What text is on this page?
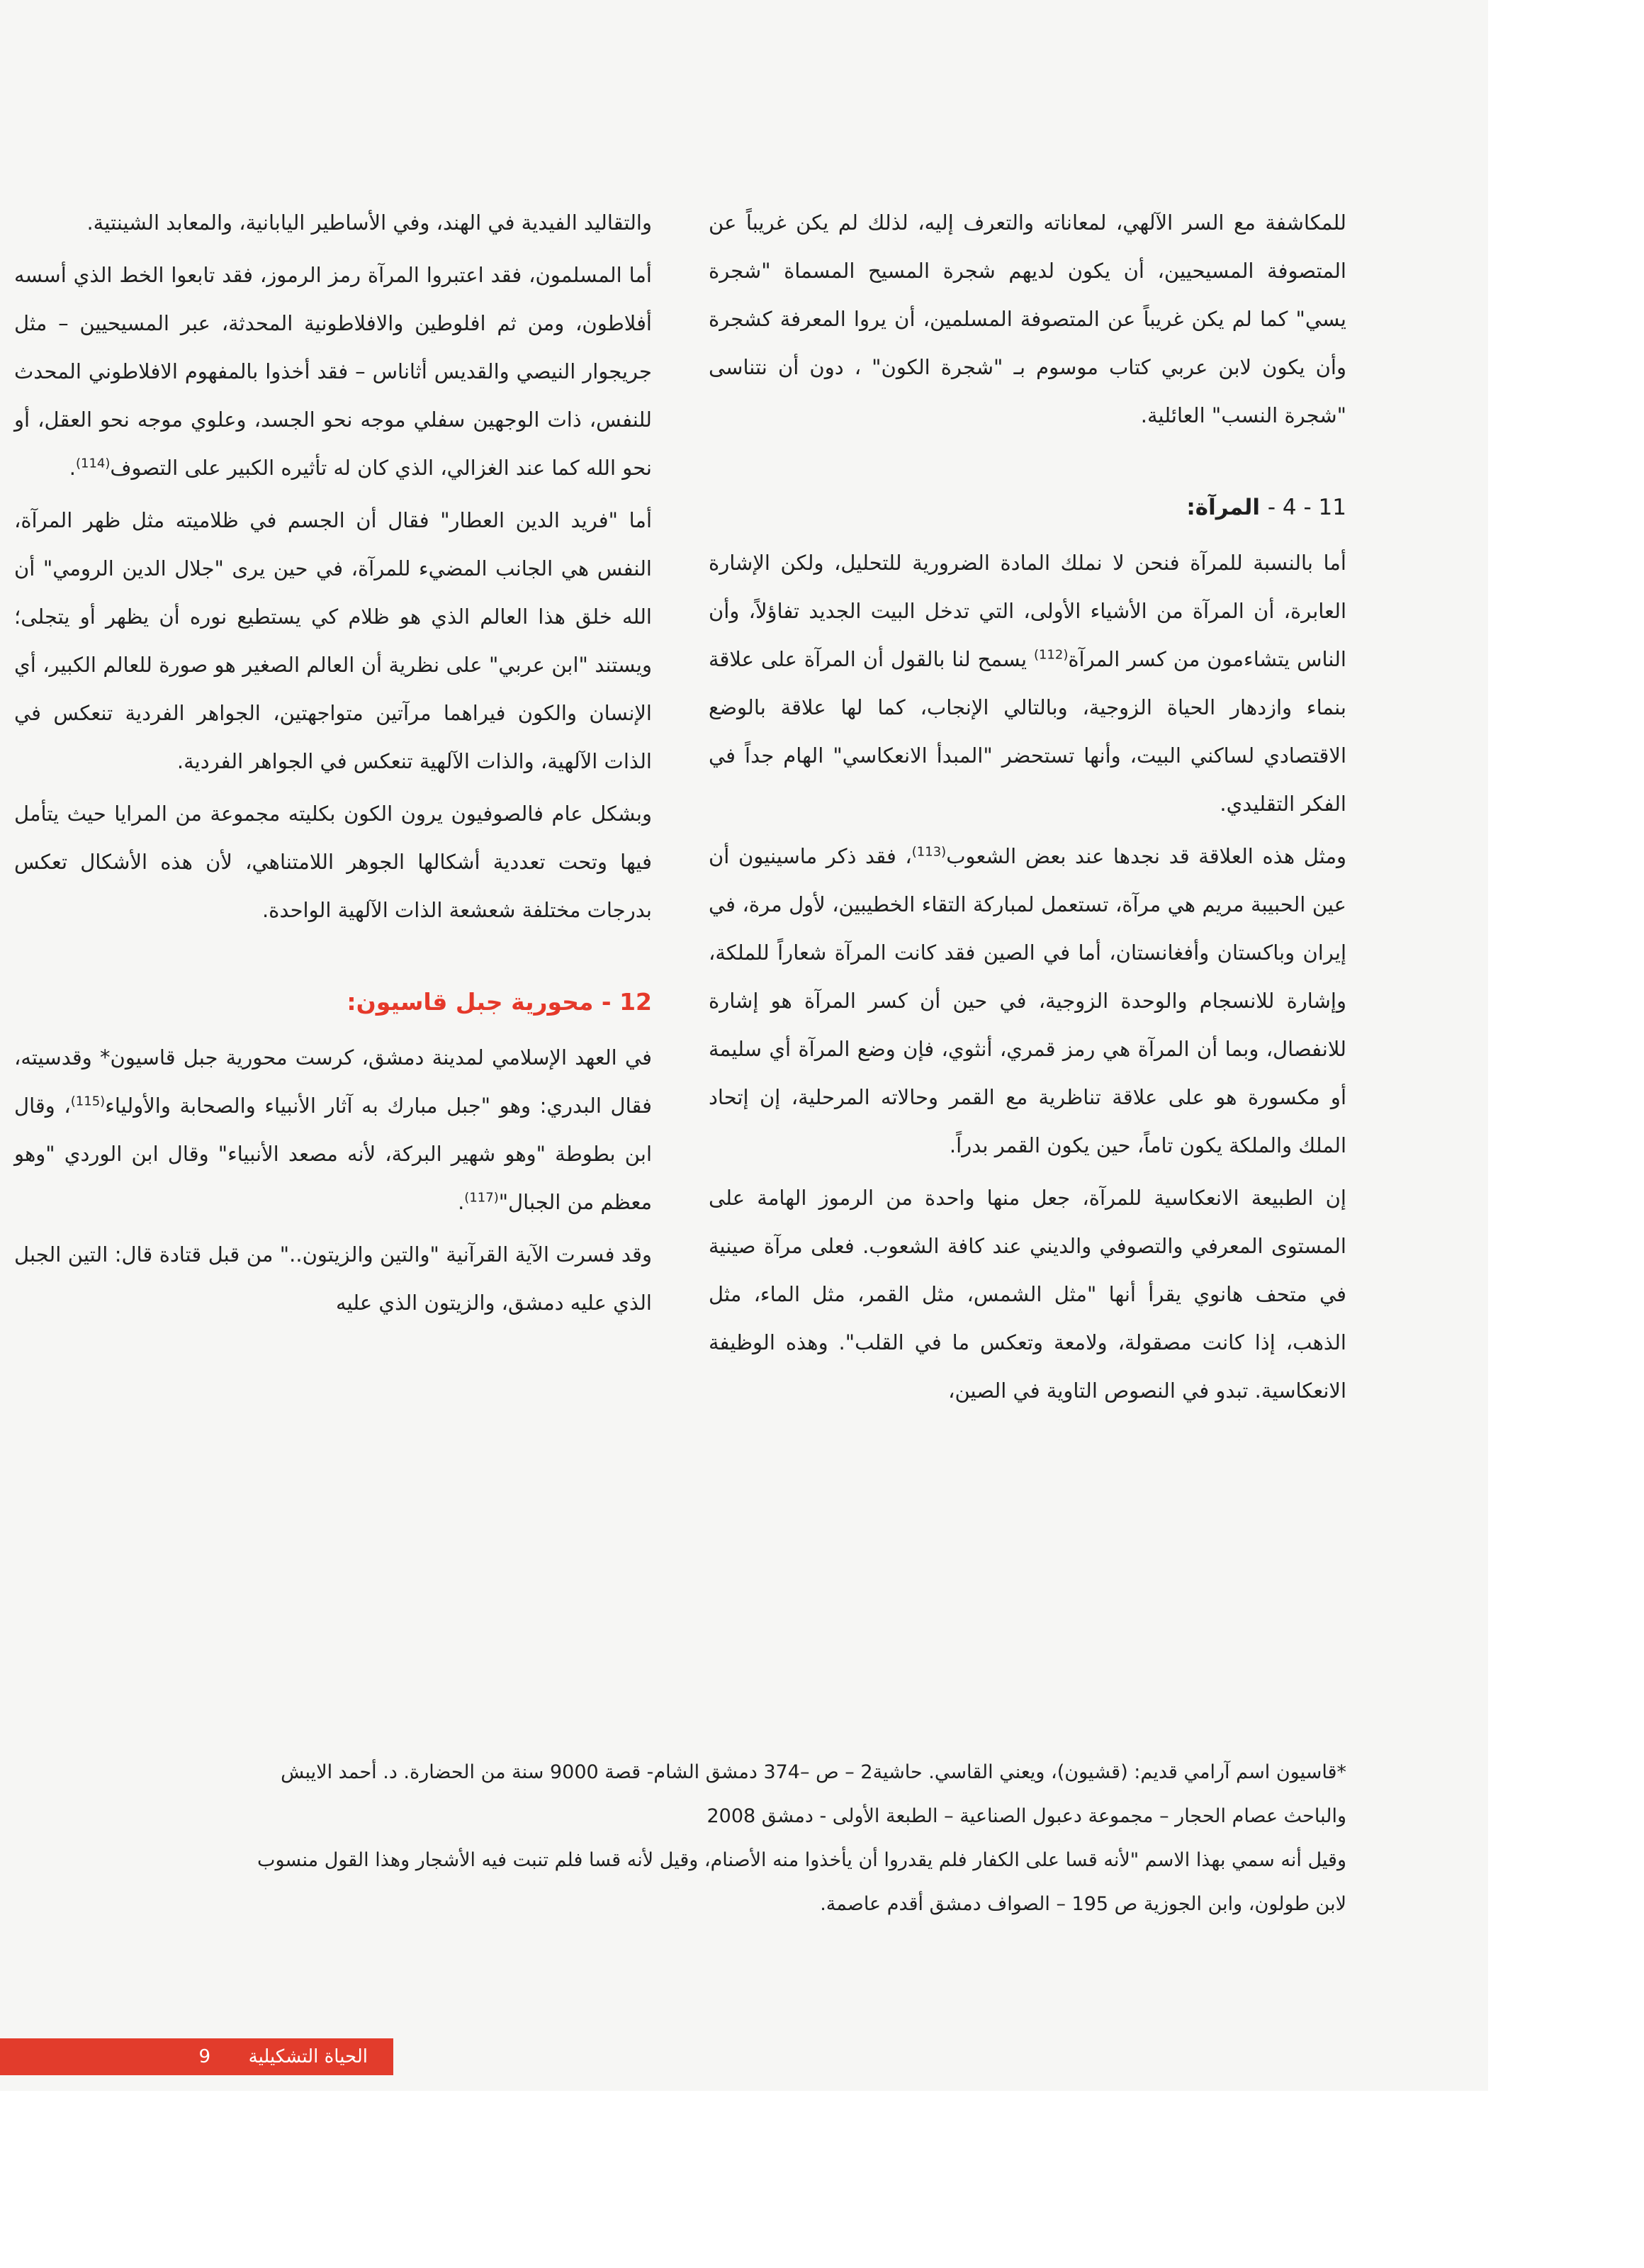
للمكاشفة مع السر الآلهي، لمعاناته والتعرف إليه، لذلك لم يكن غريباً عن المتصوفة المسيحيين، أن يكون لديهم شجرة المسيح المسماة "شجرة يسي" كما لم يكن غريباً عن المتصوفة المسلمين، أن يروا المعرفة كشجرة وأن يكون لابن عربي كتاب موسوم بـ "شجرة الكون" ، دون أن نتناسى "شجرة النسب" العائلية.

11 - 4 - المرآة:

أما بالنسبة للمرآة فنحن لا نملك المادة الضرورية للتحليل، ولكن الإشارة العابرة، أن المرآة من الأشياء الأولى، التي تدخل البيت الجديد تفاؤلاً، وأن الناس يتشاءمون من كسر المرآة$^{(112)}$ يسمح لنا بالقول أن المرآة على علاقة بنماء وازدهار الحياة الزوجية، وبالتالي الإنجاب، كما لها علاقة بالوضع الاقتصادي لساكني البيت، وأنها تستحضر "المبدأ الانعكاسي" الهام جداً في الفكر التقليدي.

ومثل هذه العلاقة قد نجدها عند بعض الشعوب$^{(113)}$، فقد ذكر ماسينيون أن عين الحبيبة مريم هي مرآة، تستعمل لمباركة التقاء الخطيبين، لأول مرة، في إيران وباكستان وأفغانستان، أما في الصين فقد كانت المرآة شعاراً للملكة، وإشارة للانسجام والوحدة الزوجية، في حين أن كسر المرآة هو إشارة للانفصال، وبما أن المرآة هي رمز قمري، أنثوي، فإن وضع المرآة أي سليمة أو مكسورة هو على علاقة تناظرية مع القمر وحالاته المرحلية، إن إتحاد الملك والملكة يكون تاماً، حين يكون القمر بدراً.

إن الطبيعة الانعكاسية للمرآة، جعل منها واحدة من الرموز الهامة على المستوى المعرفي والتصوفي والديني عند كافة الشعوب. فعلى مرآة صينية في متحف هانوي يقرأ أنها "مثل الشمس، مثل القمر، مثل الماء، مثل الذهب، إذا كانت مصقولة، ولامعة وتعكس ما في القلب". وهذه الوظيفة الانعكاسية. تبدو في النصوص التاوية في الصين،

والتقاليد الفيدية في الهند، وفي الأساطير اليابانية، والمعابد الشينتية.

أما المسلمون، فقد اعتبروا المرآة رمز الرموز، فقد تابعوا الخط الذي أسسه أفلاطون، ومن ثم افلوطين والافلاطونية المحدثة، عبر المسيحيين – مثل جريجوار النيصي والقديس أثاناس – فقد أخذوا بالمفهوم الافلاطوني المحدث للنفس، ذات الوجهين سفلي موجه نحو الجسد، وعلوي موجه نحو العقل، أو نحو الله كما عند الغزالي، الذي كان له تأثيره الكبير على التصوف$^{(114)}$.

أما "فريد الدين العطار" فقال أن الجسم في ظلاميته مثل ظهر المرآة، النفس هي الجانب المضيء للمرآة، في حين يرى "جلال الدين الرومي" أن الله خلق هذا العالم الذي هو ظلام كي يستطيع نوره أن يظهر أو يتجلى؛ ويستند "ابن عربي" على نظرية أن العالم الصغير هو صورة للعالم الكبير، أي الإنسان والكون فيراهما مرآتين متواجهتين، الجواهر الفردية تنعكس في الذات الآلهية، والذات الآلهية تنعكس في الجواهر الفردية.

وبشكل عام فالصوفيون يرون الكون بكليته مجموعة من المرايا حيث يتأمل فيها وتحت تعددية أشكالها الجوهر اللامتناهي، لأن هذه الأشكال تعكس بدرجات مختلفة شعشعة الذات الآلهية الواحدة.

12 - محورية جبل قاسيون:

في العهد الإسلامي لمدينة دمشق، كرست محورية جبل قاسيون* وقدسيته، فقال البدري: وهو "جبل مبارك به آثار الأنبياء والصحابة والأولياء$^{(115)}$، وقال ابن بطوطة "وهو شهير البركة، لأنه مصعد الأنبياء" وقال ابن الوردي "وهو معظم من الجبال"$^{(117)}$.

وقد فسرت الآية القرآنية "والتين والزيتون.." من قبل قتادة قال: التين الجبل الذي عليه دمشق، والزيتون الذي عليه

*قاسيون اسم آرامي قديم: (قشيون)، ويعني القاسي. حاشية2 – ص –374 دمشق الشام- قصة 9000 سنة من الحضارة. د. أحمد الايبش

والباحث عصام الحجار – مجموعة دعبول الصناعية – الطبعة الأولى - دمشق 2008

وقيل أنه سمي بهذا الاسم "لأنه قسا على الكفار فلم يقدروا أن يأخذوا منه الأصنام، وقيل لأنه قسا فلم تنبت فيه الأشجار وهذا القول منسوب

لابن طولون، وابن الجوزية ص 195 – الصواف دمشق أقدم عاصمة.

الحياة التشكيلية
9
